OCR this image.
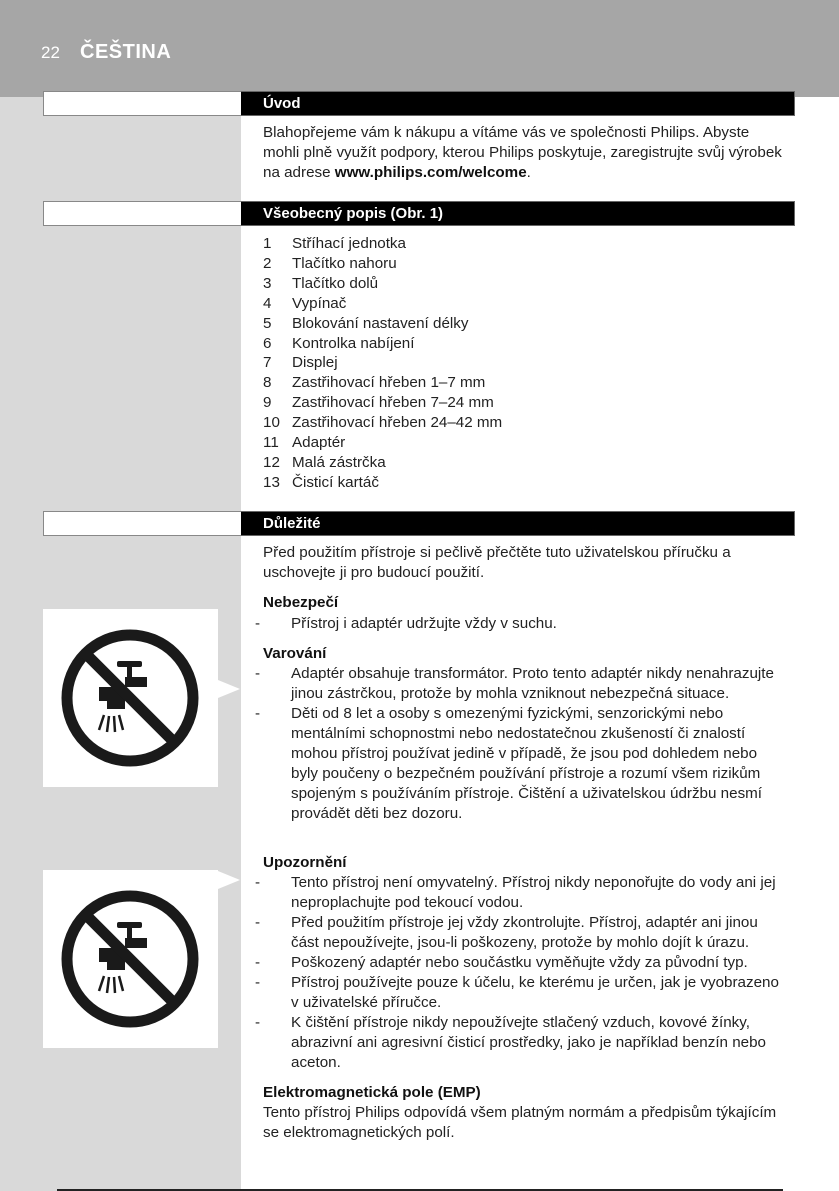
22 ČEŠTINA
Úvod
Blahopřejeme vám k nákupu a vítáme vás ve společnosti Philips. Abyste mohli plně využít podpory, kterou Philips poskytuje, zaregistrujte svůj výrobek na adrese www.philips.com/welcome.
Všeobecný popis (Obr. 1)
1	Stříhací jednotka
2	Tlačítko nahoru
3	Tlačítko dolů
4	Vypínač
5	Blokování nastavení délky
6	Kontrolka nabíjení
7	Displej
8	Zastřihovací hřeben 1–7 mm
9	Zastřihovací hřeben 7–24 mm
10 Zastřihovací hřeben 24–42 mm
11 Adaptér
12 Malá zástrčka
13 Čisticí kartáč
Důležité
Před použitím přístroje si pečlivě přečtěte tuto uživatelskou příručku a uschovejte ji pro budoucí použití.
Nebezpečí
-	Přístroj i adaptér udržujte vždy v suchu.
Varování
-	Adaptér obsahuje transformátor. Proto tento adaptér nikdy nenahrazujte jinou zástrčkou, protože by mohla vzniknout nebezpečná situace.
-	Děti od 8 let a osoby s omezenými fyzickými, senzorickými nebo mentálními schopnostmi nebo nedostatečnou zkušeností či znalostí mohou přístroj používat jedině v případě, že jsou pod dohledem nebo byly poučeny o bezpečném používání přístroje a rozumí všem rizikům spojeným s používáním přístroje. Čištění a uživatelskou údržbu nesmí provádět děti bez dozoru.
Upozornění
-	Tento přístroj není omyvatelný. Přístroj nikdy neponořujte do vody ani jej neproplachujte pod tekoucí vodou.
-	Před použitím přístroje jej vždy zkontrolujte. Přístroj, adaptér ani jinou část nepoužívejte, jsou-li poškozeny, protože by mohlo dojít k úrazu.
-	Poškozený adaptér nebo součástku vyměňujte vždy za původní typ.
-	Přístroj používejte pouze k účelu, ke kterému je určen, jak je vyobrazeno v uživatelské příručce.
-	K čištění přístroje nikdy nepoužívejte stlačený vzduch, kovové žínky, abrazivní ani agresivní čisticí prostředky, jako je například benzín nebo aceton.
Elektromagnetická pole (EMP)
Tento přístroj Philips odpovídá všem platným normám a předpisům týkajícím se elektromagnetických polí.
